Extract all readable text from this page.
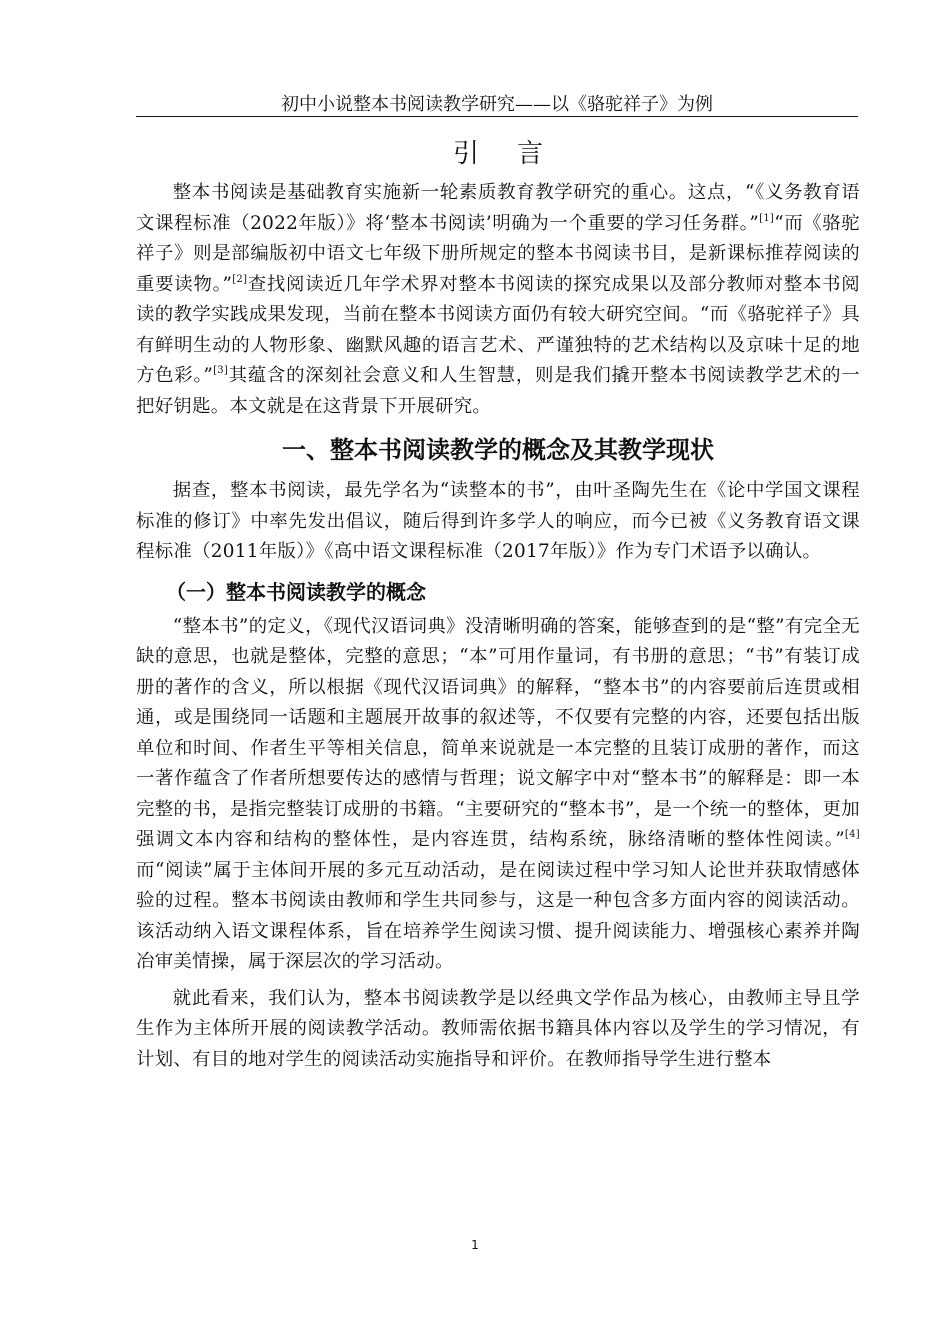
初中小说整本书阅读教学研究——以《骆驼祥子》为例
引言

整本书阅读是基础教育实施新一轮素质教育教学研究的重心。这点，“《义务教育语文课程标准（2022年版）》将‘整本书阅读’明确为一个重要的学习任务群。”[1]“而《骆驼祥子》则是部编版初中语文七年级下册所规定的整本书阅读书目，是新课标推荐阅读的重要读物。”[2]查找阅读近几年学术界对整本书阅读的探究成果以及部分教师对整本书阅读的教学实践成果发现，当前在整本书阅读方面仍有较大研究空间。“而《骆驼祥子》具有鲜明生动的人物形象、幽默风趣的语言艺术、严谨独特的艺术结构以及京味十足的地方色彩。”[3]其蕴含的深刻社会意义和人生智慧，则是我们撬开整本书阅读教学艺术的一把好钥匙。本文就是在这背景下开展研究。

一、整本书阅读教学的概念及其教学现状

据查，整本书阅读，最先学名为“读整本的书”，由叶圣陶先生在《论中学国文课程标准的修订》中率先发出倡议，随后得到许多学人的响应，而今已被《义务教育语文课程标准（2011年版）》《高中语文课程标准（2017年版）》作为专门术语予以确认。

（一）整本书阅读教学的概念

“整本书”的定义，《现代汉语词典》没清晰明确的答案，能够查到的是“整”有完全无缺的意思，也就是整体，完整的意思；“本”可用作量词，有书册的意思；“书”有装订成册的著作的含义，所以根据《现代汉语词典》的解释，“整本书”的内容要前后连贯或相通，或是围绕同一话题和主题展开故事的叙述等，不仅要有完整的内容，还要包括出版单位和时间、作者生平等相关信息，简单来说就是一本完整的且装订成册的著作，而这一著作蕴含了作者所想要传达的感情与哲理；说文解字中对“整本书”的解释是：即一本完整的书，是指完整装订成册的书籍。“主要研究的“整本书”，是一个统一的整体，更加强调文本内容和结构的整体性，是内容连贯，结构系统，脉络清晰的整体性阅读。”[4]而“阅读”属于主体间开展的多元互动活动，是在阅读过程中学习知人论世并获取情感体验的过程。整本书阅读由教师和学生共同参与，这是一种包含多方面内容的阅读活动。该活动纳入语文课程体系，旨在培养学生阅读习惯、提升阅读能力、增强核心素养并陶冶审美情操，属于深层次的学习活动。

就此看来，我们认为，整本书阅读教学是以经典文学作品为核心，由教师主导且学生作为主体所开展的阅读教学活动。教师需依据书籍具体内容以及学生的学习情况，有计划、有目的地对学生的阅读活动实施指导和评价。在教师指导学生进行整本

1
